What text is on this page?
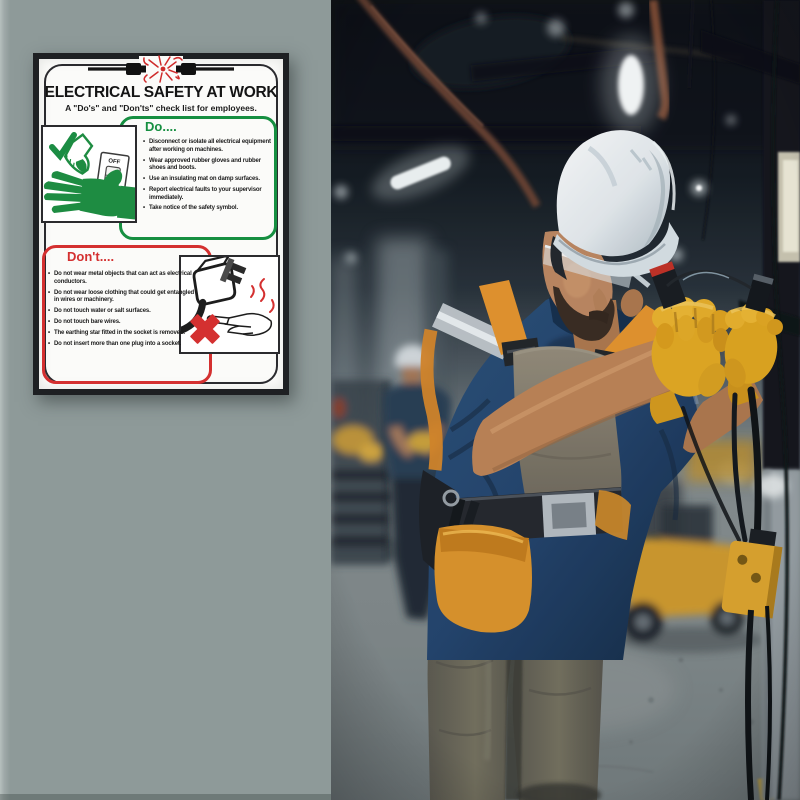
ELECTRICAL SAFETY AT WORK
A "Do's" and "Don'ts" check list for employees.
Do....
• Disconnect or isolate all electrical equipment after working on machines.
• Wear approved rubber gloves and rubber shoes and boots.
• Use an insulating mat on damp surfaces.
• Report electrical faults to your supervisor immediately.
• Take notice of the safety symbol.
OFF
Don't....
• Do not wear metal objects that can act as electrical conductors.
• Do not wear loose clothing that could get entangled in wires or machinery.
• Do not touch water or salt surfaces.
• Do not touch bare wires.
• The earthing star fitted in the socket is removed.
• Do not insert more than one plug into a socket.
